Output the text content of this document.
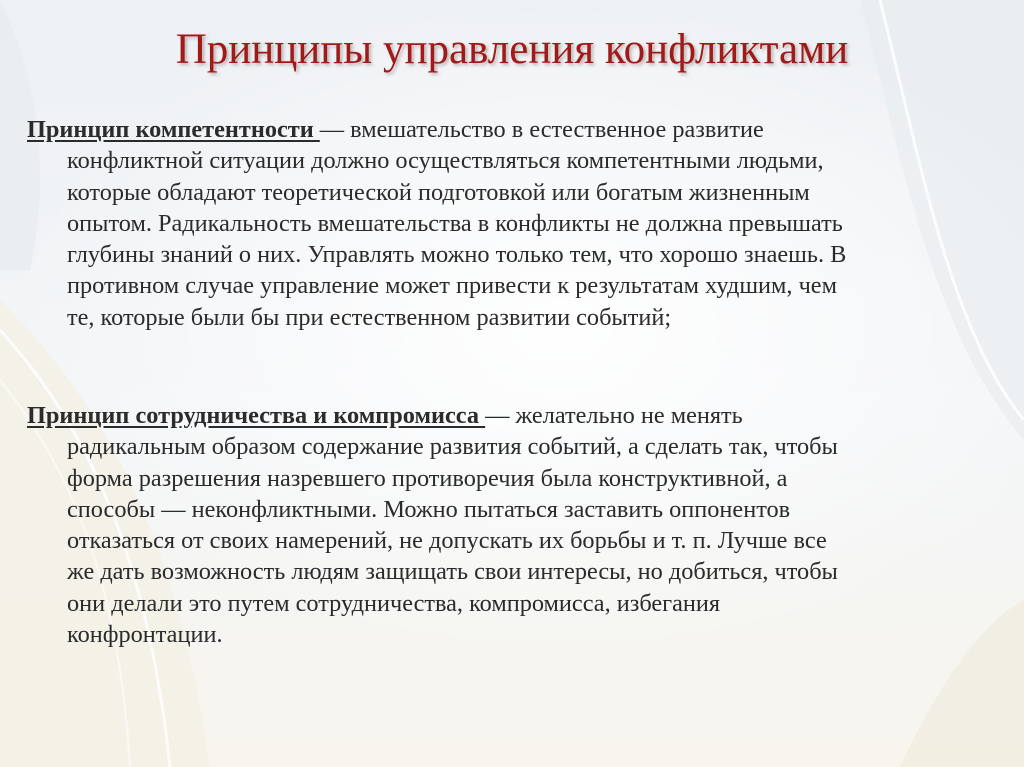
Принципы управления конфликтами
Принцип компетентности — вмешательство в естественное развитие
конфликтной ситуации должно осуществляться компетентными людьми,
которые обладают теоретической подготовкой или богатым жизненным
опытом. Радикальность вмешательства в конфликты не должна превышать
глубины знаний о них. Управлять можно только тем, что хорошо знаешь. В
противном случае управление может привести к результатам худшим, чем
те, которые были бы при естественном развитии событий;
Принцип сотрудничества и компромисса — желательно не менять
радикальным образом содержание развития событий, а сделать так, чтобы
форма разрешения назревшего противоречия была конструктивной, а
способы — неконфликтными. Можно пытаться заставить оппонентов
отказаться от своих намерений, не допускать их борьбы и т. п. Лучше все
же дать возможность людям защищать свои интересы, но добиться, чтобы
они делали это путем сотрудничества, компромисса, избегания
конфронтации.
